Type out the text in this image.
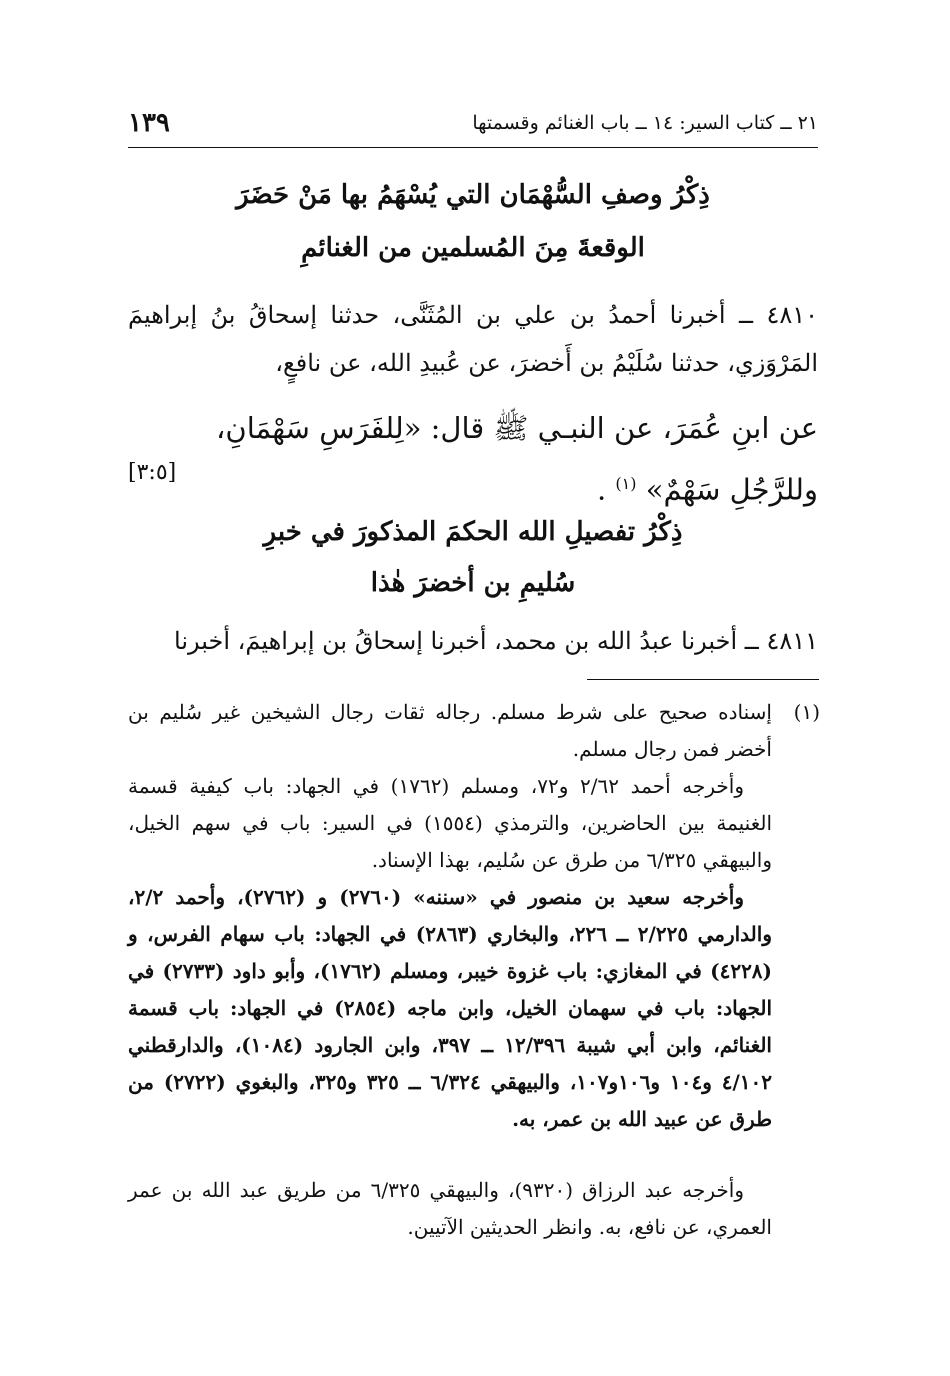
٢١ ــ كتاب السير: ١٤ ــ باب الغنائم وقسمتها
١٣٩
ذِكْرُ وصفِ السُّهْمَان التي يُسْهَمُ بها مَنْ حَضَرَ
الوقعةَ مِنَ المُسلمين من الغنائمِ
٤٨١٠ ــ أخبرنا أحمدُ بن علي بن المُثَنَّى، حدثنا إسحاقُ بنُ إبراهيمَ المَرْوَزي، حدثنا سُلَيْمُ بن أَخضرَ، عن عُبيدِ الله، عن نافعٍ،
عن ابنِ عُمَرَ، عن النبـي ﷺ قال: «لِلفَرَسِ سَهْمَانِ، وللرَّجُلِ سَهْمٌ» $^{(١)}$ .
[٣:٥]
ذِكْرُ تفصيلِ الله الحكمَ المذكورَ في خبرِ
سُليمِ بن أخضرَ هٰذا
٤٨١١ ــ أخبرنا عبدُ الله بن محمد، أخبرنا إسحاقُ بن إبراهيمَ، أخبرنا
(١)
إسناده صحيح على شرط مسلم. رجاله ثقات رجال الشيخين غير سُليم بن أخضر فمن رجال مسلم.
وأخرجه أحمد ٢/٦٢ و٧٢، ومسلم (١٧٦٢) في الجهاد: باب كيفية قسمة الغنيمة بين الحاضرين، والترمذي (١٥٥٤) في السير: باب في سهم الخيل، والبيهقي ٦/٣٢٥ من طرق عن سُليم، بهذا الإسناد.
وأخرجه سعيد بن منصور في «سننه» (٢٧٦٠) و (٢٧٦٢)، وأحمد ٢/٢، والدارمي ٢/٢٢٥ ــ ٢٢٦، والبخاري (٢٨٦٣) في الجهاد: باب سهام الفرس، و (٤٢٢٨) في المغازي: باب غزوة خيبر، ومسلم (١٧٦٢)، وأبو داود (٢٧٣٣) في الجهاد: باب في سهمان الخيل، وابن ماجه (٢٨٥٤) في الجهاد: باب قسمة الغنائم، وابن أبي شيبة ١٢/٣٩٦ ــ ٣٩٧، وابن الجارود (١٠٨٤)، والدارقطني ٤/١٠٢ و١٠٤ و١٠٦و١٠٧، والبيهقي ٦/٣٢٤ ــ ٣٢٥ و٣٢٥، والبغوي (٢٧٢٢) من طرق عن عبيد الله بن عمر، به.
وأخرجه عبد الرزاق (٩٣٢٠)، والبيهقي ٦/٣٢٥ من طريق عبد الله بن عمر العمري، عن نافع، به. وانظر الحديثين الآتيين.
